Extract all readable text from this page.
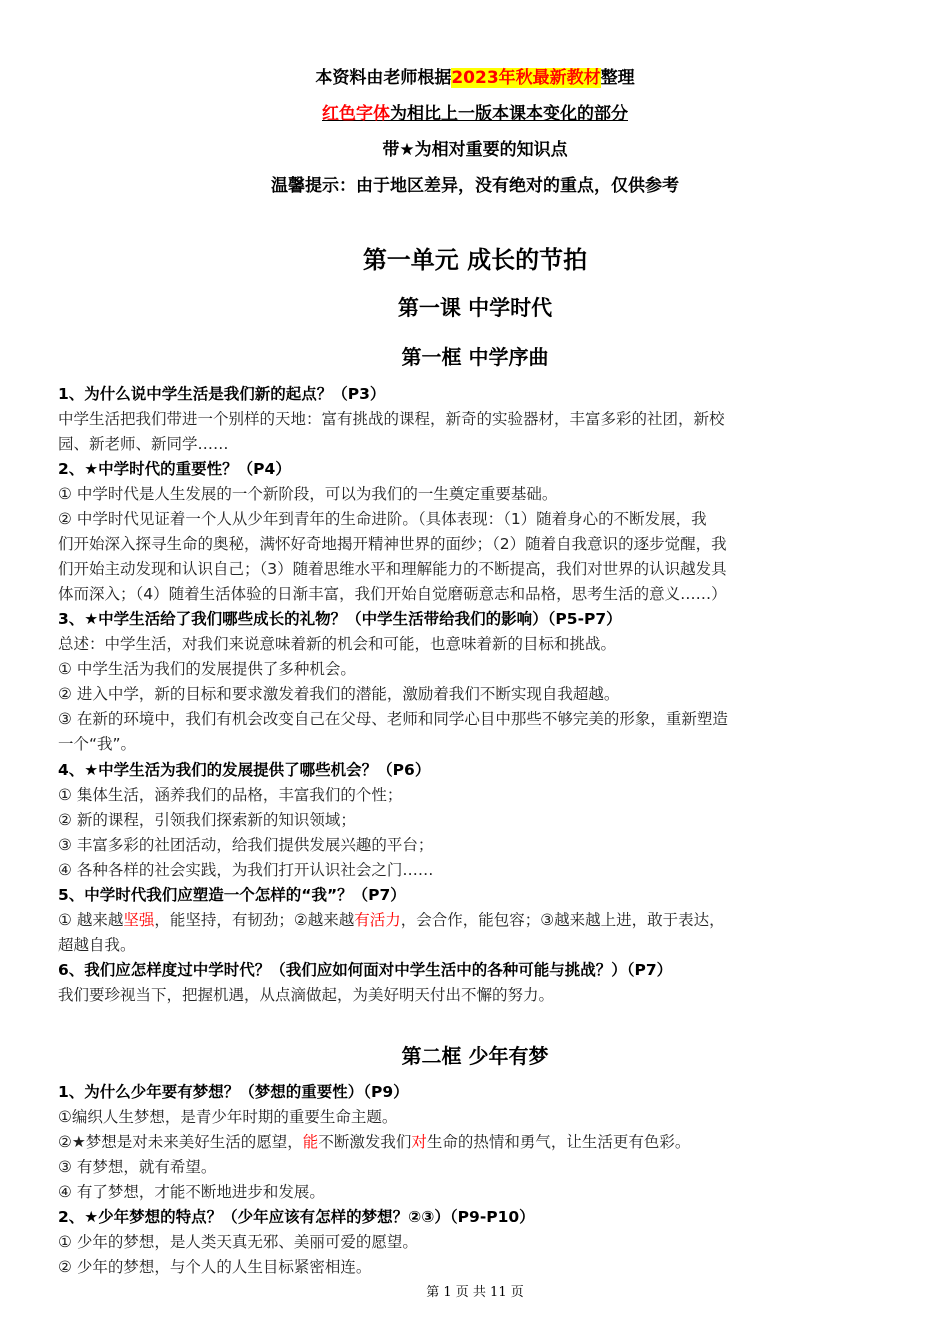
本资料由老师根据2023年秋最新教材整理
红色字体为相比上一版本课本变化的部分
带★为相对重要的知识点
温馨提示：由于地区差异，没有绝对的重点，仅供参考
第一单元 成长的节拍
第一课 中学时代
第一框 中学序曲
1、为什么说中学生活是我们新的起点？（P3）
中学生活把我们带进一个别样的天地：富有挑战的课程，新奇的实验器材，丰富多彩的社团，新校
园、新老师、新同学……
2、★中学时代的重要性？（P4）
① 中学时代是人生发展的一个新阶段，可以为我们的一生奠定重要基础。
② 中学时代见证着一个人从少年到青年的生命进阶。（具体表现：（1）随着身心的不断发展，我
们开始深入探寻生命的奥秘，满怀好奇地揭开精神世界的面纱；（2）随着自我意识的逐步觉醒，我
们开始主动发现和认识自己；（3）随着思维水平和理解能力的不断提高，我们对世界的认识越发具
体而深入；（4）随着生活体验的日渐丰富，我们开始自觉磨砺意志和品格，思考生活的意义……）
3、★中学生活给了我们哪些成长的礼物？（中学生活带给我们的影响）（P5-P7）
总述：中学生活，对我们来说意味着新的机会和可能，也意味着新的目标和挑战。
① 中学生活为我们的发展提供了多种机会。
② 进入中学，新的目标和要求激发着我们的潜能，激励着我们不断实现自我超越。
③ 在新的环境中，我们有机会改变自己在父母、老师和同学心目中那些不够完美的形象，重新塑造
一个“我”。
4、★中学生活为我们的发展提供了哪些机会？（P6）
① 集体生活，涵养我们的品格，丰富我们的个性；
② 新的课程，引领我们探索新的知识领域；
③ 丰富多彩的社团活动，给我们提供发展兴趣的平台；
④ 各种各样的社会实践，为我们打开认识社会之门……
5、中学时代我们应塑造一个怎样的“我”？（P7）
① 越来越坚强，能坚持，有韧劲；②越来越有活力，会合作，能包容；③越来越上进，敢于表达，
超越自我。
6、我们应怎样度过中学时代？（我们应如何面对中学生活中的各种可能与挑战？）（P7）
我们要珍视当下，把握机遇，从点滴做起，为美好明天付出不懈的努力。
第二框 少年有梦
1、为什么少年要有梦想？（梦想的重要性）（P9）
①编织人生梦想，是青少年时期的重要生命主题。
②★梦想是对未来美好生活的愿望，能不断激发我们对生命的热情和勇气，让生活更有色彩。
③ 有梦想，就有希望。
④ 有了梦想，才能不断地进步和发展。
2、★少年梦想的特点？（少年应该有怎样的梦想？②③）（P9-P10）
① 少年的梦想，是人类天真无邪、美丽可爱的愿望。
② 少年的梦想，与个人的人生目标紧密相连。
第 1 页 共 11 页
